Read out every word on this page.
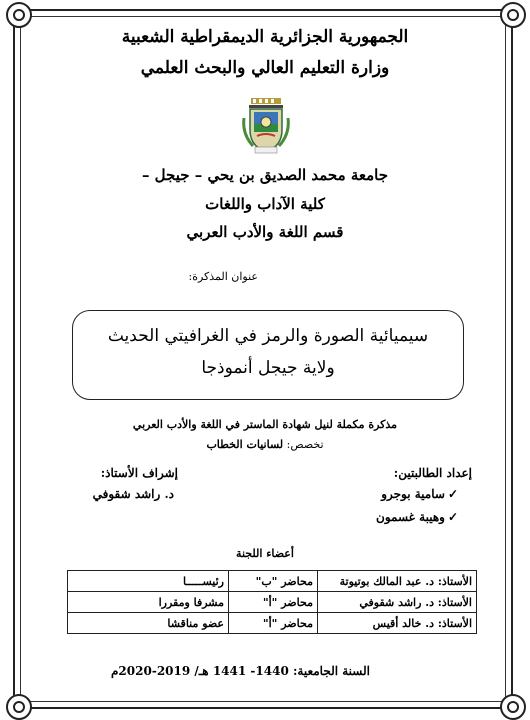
الجمهورية الجزائرية الديمقراطية الشعبية
وزارة التعليم العالي والبحث العلمي
جامعة محمد الصديق بن يحي – جيجل –
كلية الآداب واللغات
قسم اللغة والأدب العربي
عنوان المذكرة:
سيميائية الصورة والرمز في الغرافيتي الحديث
ولاية جيجل أنموذجا
مذكرة مكملة لنيل شهادة الماستر في اللغة والأدب العربي
تخصص: لسانيات الخطاب
إعداد الطالبتين:
إشراف الأستاذ:
✓سامية بوجرو
✓وهيبة غسمون
د. راشد شقوفي
أعضاء اللجنة
الأستاذ: د. عبد المالك بوتيوتة	محاضر "ب"	رئيســـــا
الأستاذ: د. راشد شقوفي	محاضر "أ"	مشرفا ومقررا
الأستاذ: د. خالد أقيس	محاضر "أ"	عضو مناقشا
السنة الجامعية: 1440- 1441 هـ/ 2019-2020م
